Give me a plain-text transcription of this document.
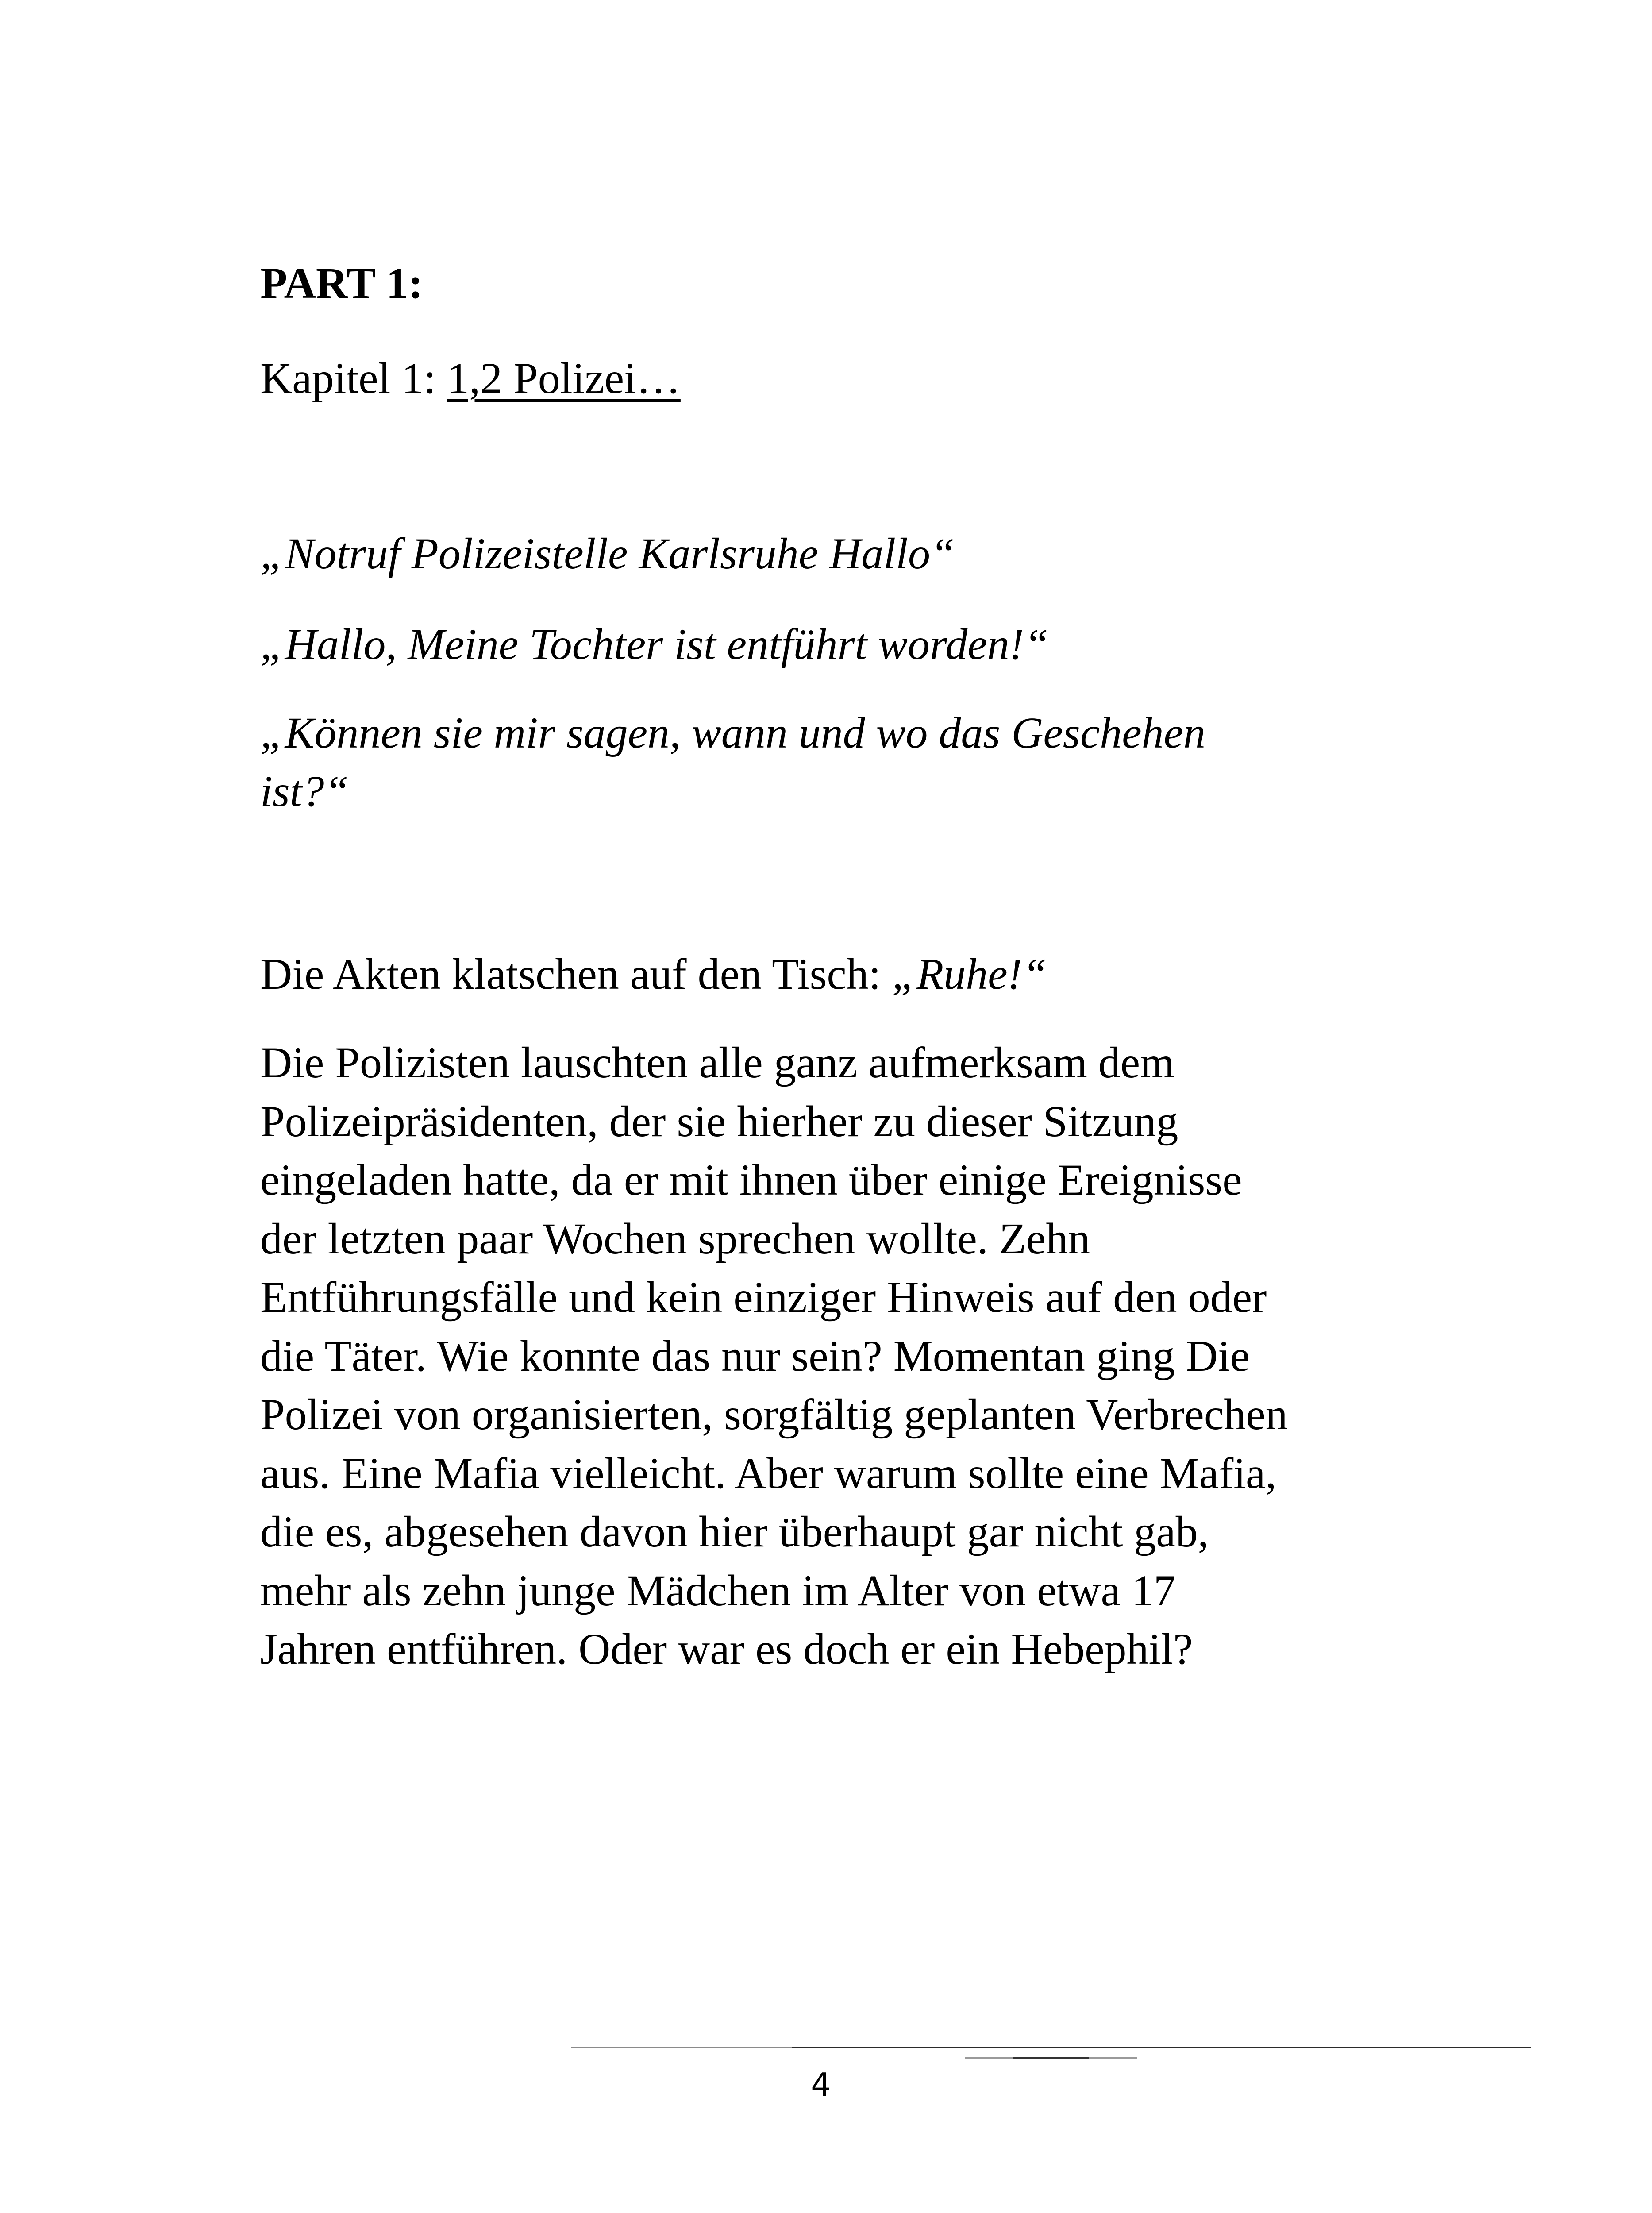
PART 1:

Kapitel 1: 1,2 Polizei…

„Notruf Polizeistelle Karlsruhe Hallo“

„Hallo, Meine Tochter ist entführt worden!“

„Können sie mir sagen, wann und wo das Geschehen
ist?“

Die Akten klatschen auf den Tisch: „Ruhe!“

Die Polizisten lauschten alle ganz aufmerksam dem
Polizeipräsidenten, der sie hierher zu dieser Sitzung
eingeladen hatte, da er mit ihnen über einige Ereignisse
der letzten paar Wochen sprechen wollte. Zehn
Entführungsfälle und kein einziger Hinweis auf den oder
die Täter. Wie konnte das nur sein? Momentan ging Die
Polizei von organisierten, sorgfältig geplanten Verbrechen
aus. Eine Mafia vielleicht. Aber warum sollte eine Mafia,
die es, abgesehen davon hier überhaupt gar nicht gab,
mehr als zehn junge Mädchen im Alter von etwa 17
Jahren entführen. Oder war es doch er ein Hebephil?

4
